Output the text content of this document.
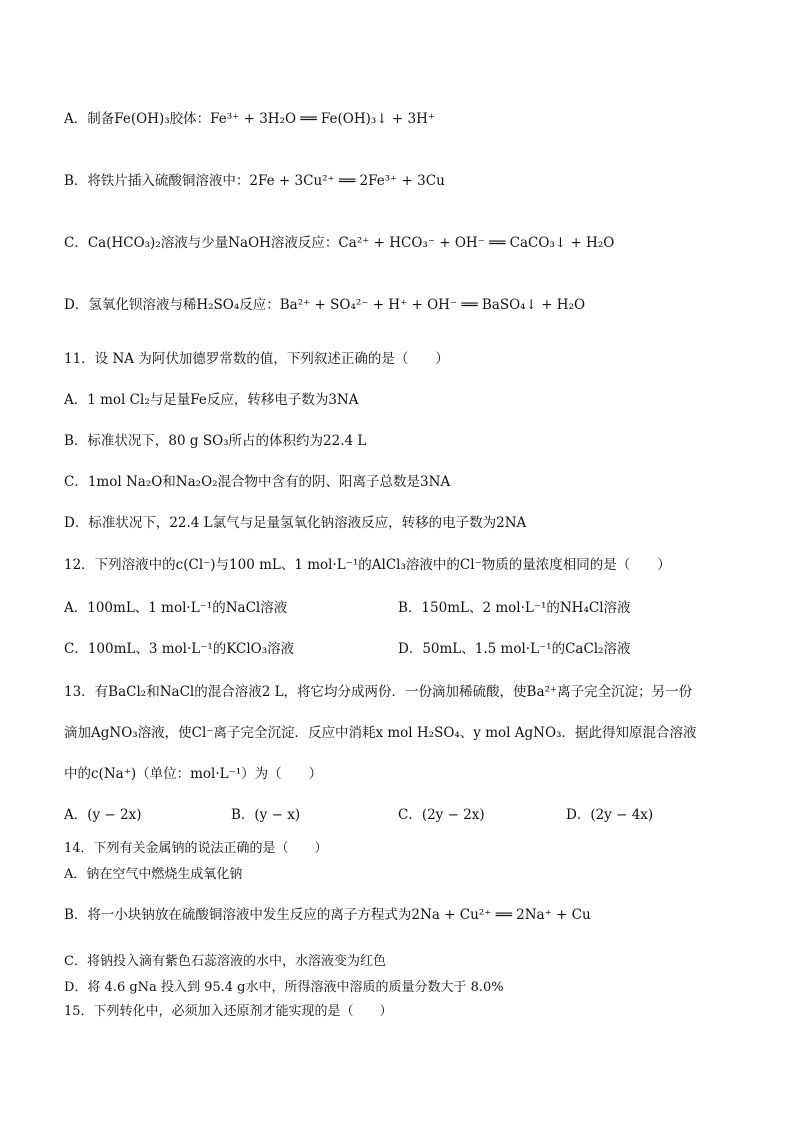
A．制备Fe(OH)₃胶体：Fe³⁺ + 3H₂O ══ Fe(OH)₃↓ + 3H⁺
B．将铁片插入硫酸铜溶液中：2Fe + 3Cu²⁺ ══ 2Fe³⁺ + 3Cu
C．Ca(HCO₃)₂溶液与少量NaOH溶液反应：Ca²⁺ + HCO₃⁻ + OH⁻ ══ CaCO₃↓ + H₂O
D．氢氧化钡溶液与稀H₂SO₄反应：Ba²⁺ + SO₄²⁻ + H⁺ + OH⁻ ══ BaSO₄↓ + H₂O
11．设 NA 为阿伏加德罗常数的值，下列叙述正确的是（　　）
A．1 mol Cl₂与足量Fe反应，转移电子数为3NA
B．标准状况下，80 g SO₃所占的体积约为22.4 L
C．1mol Na₂O和Na₂O₂混合物中含有的阴、阳离子总数是3NA
D．标准状况下，22.4 L氯气与足量氢氧化钠溶液反应，转移的电子数为2NA
12．下列溶液中的c(Cl⁻)与100 mL、1 mol·L⁻¹的AlCl₃溶液中的Cl⁻物质的量浓度相同的是（　　）
A．100mL、1 mol·L⁻¹的NaCl溶液	B．150mL、2 mol·L⁻¹的NH₄Cl溶液
C．100mL、3 mol·L⁻¹的KClO₃溶液	D．50mL、1.5 mol·L⁻¹的CaCl₂溶液
13．有BaCl₂和NaCl的混合溶液2 L，将它均分成两份．一份滴加稀硫酸，使Ba²⁺离子完全沉淀；另一份
滴加AgNO₃溶液，使Cl⁻离子完全沉淀．反应中消耗x mol H₂SO₄、y mol AgNO₃．据此得知原混合溶液
中的c(Na⁺)（单位：mol·L⁻¹）为（　　）
A．(y − 2x)	B．(y − x)	C．(2y − 2x)	D．(2y − 4x)
14．下列有关金属钠的说法正确的是（　　）
A．钠在空气中燃烧生成氧化钠
B．将一小块钠放在硫酸铜溶液中发生反应的离子方程式为2Na + Cu²⁺ ══ 2Na⁺ + Cu
C．将钠投入滴有紫色石蕊溶液的水中，水溶液变为红色
D．将 4.6 gNa 投入到 95.4 g水中，所得溶液中溶质的质量分数大于 8.0%
15．下列转化中，必须加入还原剂才能实现的是（　　）
